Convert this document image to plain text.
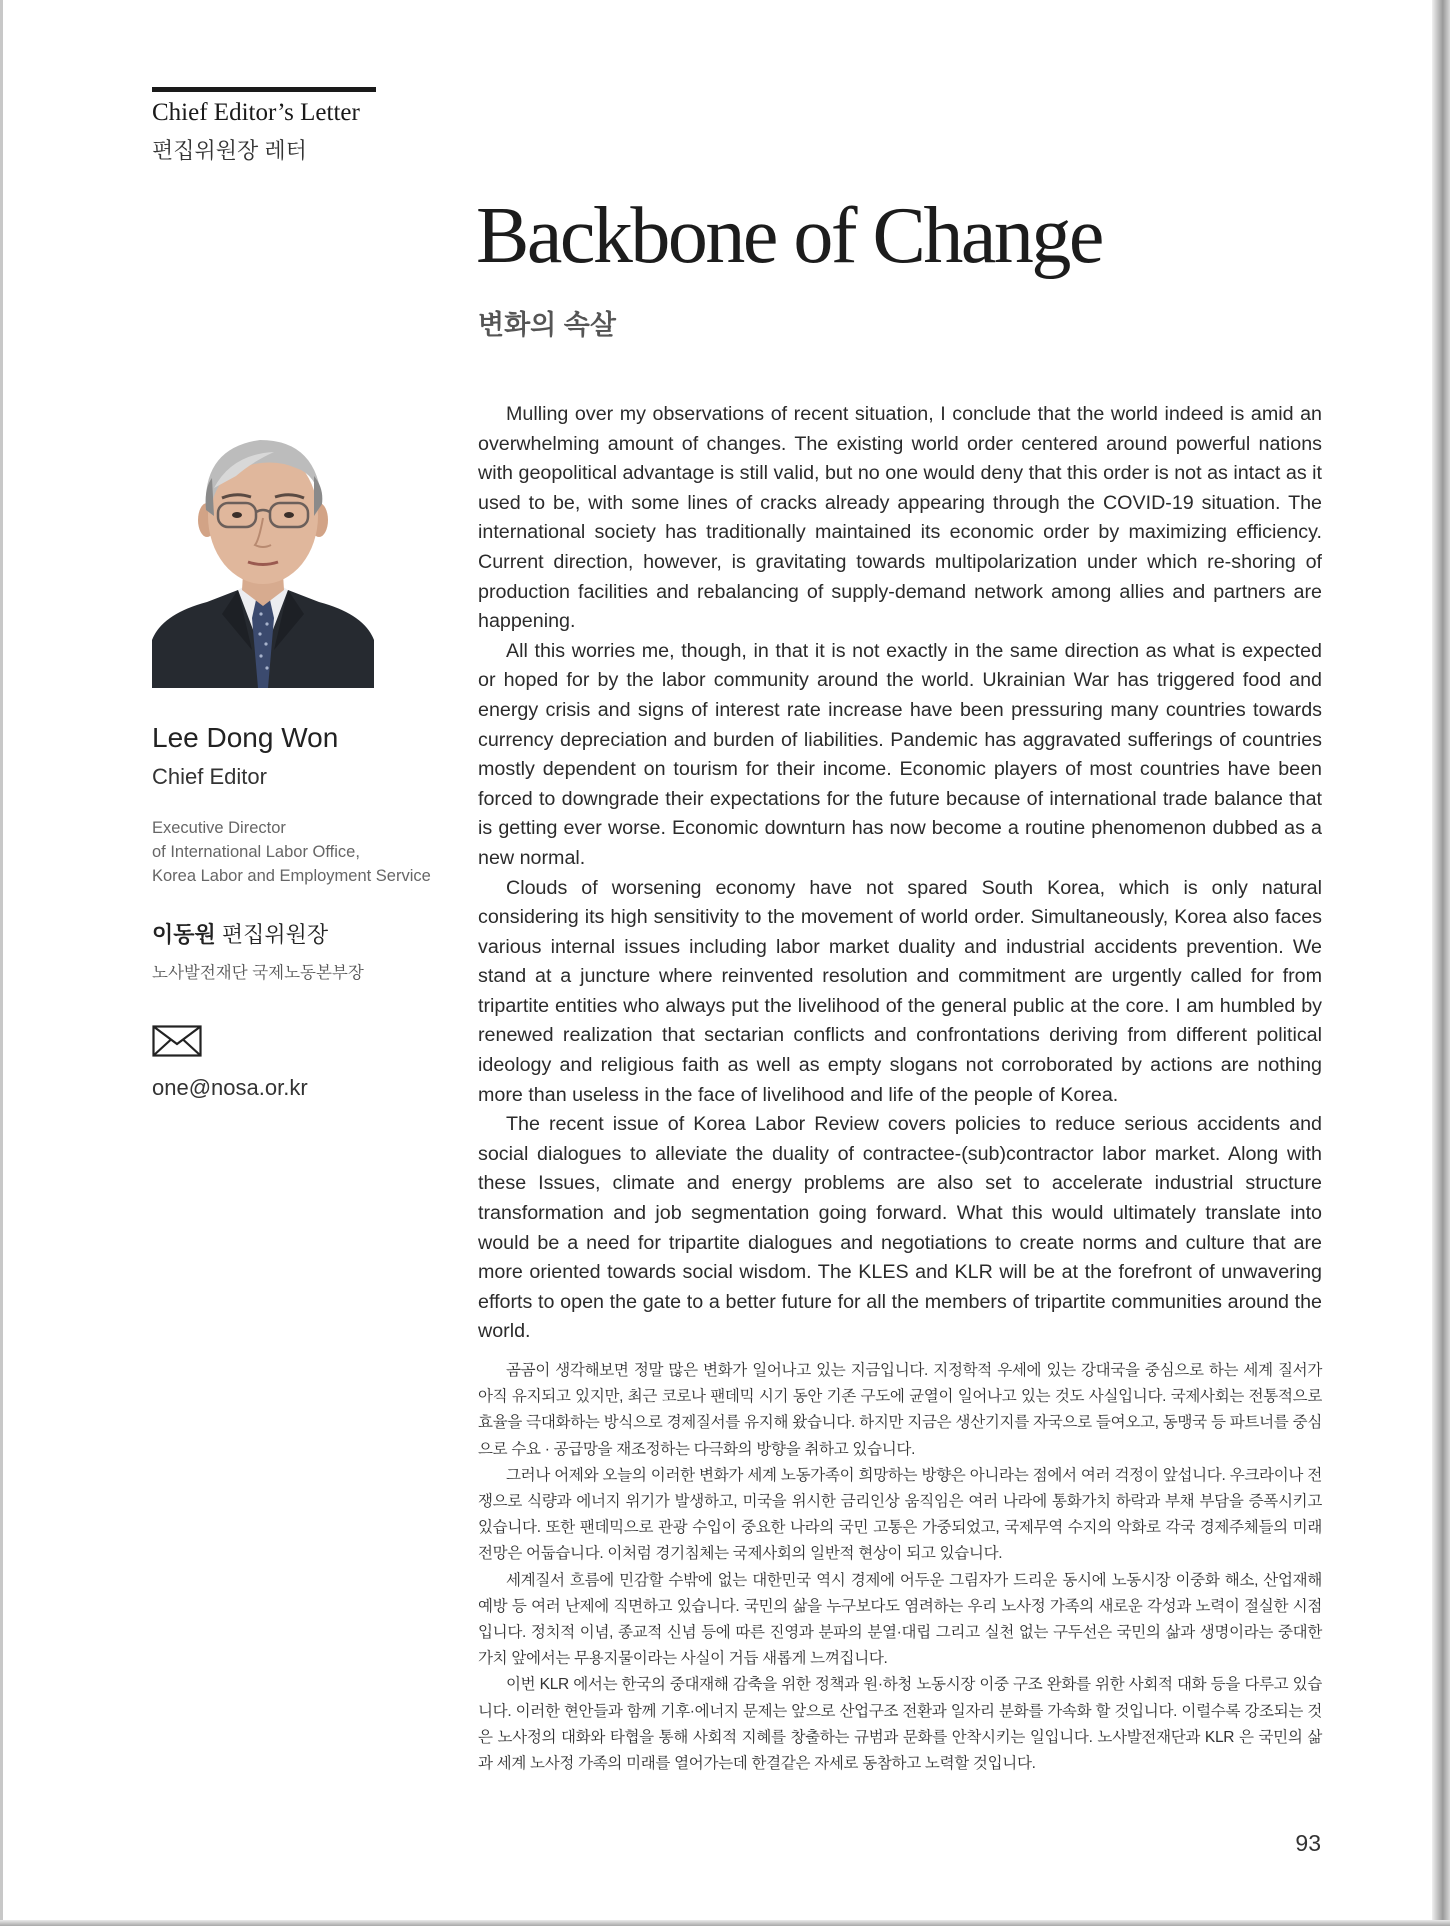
Chief Editor’s Letter
편집위원장 레터
Backbone of Change
변화의 속살
Lee Dong Won
Chief Editor
Executive Director
of International Labor Office,
Korea Labor and Employment Service
이동원 편집위원장
노사발전재단 국제노동본부장
one@nosa.or.kr

Mulling over my observations of recent situation, I conclude that the world indeed is amid an overwhelming amount of changes. The existing world order centered around powerful nations with geopolitical advantage is still valid, but no one would deny that this order is not as intact as it used to be, with some lines of cracks already appearing through the COVID-19 situation. The international society has traditionally maintained its economic order by maximizing efficiency. Current direction, however, is gravitating towards multipolarization under which re-shoring of production facilities and rebalancing of supply-demand network among allies and partners are happening.

All this worries me, though, in that it is not exactly in the same direction as what is expected or hoped for by the labor community around the world. Ukrainian War has triggered food and energy crisis and signs of interest rate increase have been pressuring many countries towards currency depreciation and burden of liabilities. Pandemic has aggravated sufferings of countries mostly dependent on tourism for their income. Economic players of most countries have been forced to downgrade their expectations for the future because of international trade balance that is getting ever worse. Economic downturn has now become a routine phenomenon dubbed as a new normal.

Clouds of worsening economy have not spared South Korea, which is only natural considering its high sensitivity to the movement of world order. Simultaneously, Korea also faces various internal issues including labor market duality and industrial accidents prevention. We stand at a juncture where reinvented resolution and commitment are urgently called for from tripartite entities who always put the livelihood of the general public at the core. I am humbled by renewed realization that sectarian conflicts and confrontations deriving from different political ideology and religious faith as well as empty slogans not corroborated by actions are nothing more than useless in the face of livelihood and life of the people of Korea.

The recent issue of Korea Labor Review covers policies to reduce serious accidents and social dialogues to alleviate the duality of contractee-(sub)contractor labor market. Along with these Issues, climate and energy problems are also set to accelerate industrial structure transformation and job segmentation going forward. What this would ultimately translate into would be a need for tripartite dialogues and negotiations to create norms and culture that are more oriented towards social wisdom. The KLES and KLR will be at the forefront of unwavering efforts to open the gate to a better future for all the members of tripartite communities around the world.

곰곰이 생각해보면 정말 많은 변화가 일어나고 있는 지금입니다. 지정학적 우세에 있는 강대국을 중심으로 하는 세계 질서가 아직 유지되고 있지만, 최근 코로나 팬데믹 시기 동안 기존 구도에 균열이 일어나고 있는 것도 사실입니다. 국제사회는 전통적으로 효율을 극대화하는 방식으로 경제질서를 유지해 왔습니다. 하지만 지금은 생산기지를 자국으로 들여오고, 동맹국 등 파트너를 중심으로 수요 · 공급망을 재조정하는 다극화의 방향을 취하고 있습니다.

그러나 어제와 오늘의 이러한 변화가 세계 노동가족이 희망하는 방향은 아니라는 점에서 여러 걱정이 앞섭니다. 우크라이나 전쟁으로 식량과 에너지 위기가 발생하고, 미국을 위시한 금리인상 움직임은 여러 나라에 통화가치 하락과 부채 부담을 증폭시키고 있습니다. 또한 팬데믹으로 관광 수입이 중요한 나라의 국민 고통은 가중되었고, 국제무역 수지의 악화로 각국 경제주체들의 미래 전망은 어둡습니다. 이처럼 경기침체는 국제사회의 일반적 현상이 되고 있습니다.

세계질서 흐름에 민감할 수밖에 없는 대한민국 역시 경제에 어두운 그림자가 드리운 동시에 노동시장 이중화 해소, 산업재해 예방 등 여러 난제에 직면하고 있습니다. 국민의 삶을 누구보다도 염려하는 우리 노사정 가족의 새로운 각성과 노력이 절실한 시점입니다. 정치적 이념, 종교적 신념 등에 따른 진영과 분파의 분열·대립 그리고 실천 없는 구두선은 국민의 삶과 생명이라는 중대한 가치 앞에서는 무용지물이라는 사실이 거듭 새롭게 느껴집니다.

이번 KLR 에서는 한국의 중대재해 감축을 위한 정책과 원·하청 노동시장 이중 구조 완화를 위한 사회적 대화 등을 다루고 있습니다. 이러한 현안들과 함께 기후·에너지 문제는 앞으로 산업구조 전환과 일자리 분화를 가속화 할 것입니다. 이럴수록 강조되는 것은 노사정의 대화와 타협을 통해 사회적 지혜를 창출하는 규범과 문화를 안착시키는 일입니다. 노사발전재단과 KLR 은 국민의 삶과 세계 노사정 가족의 미래를 열어가는데 한결같은 자세로 동참하고 노력할 것입니다.

93
